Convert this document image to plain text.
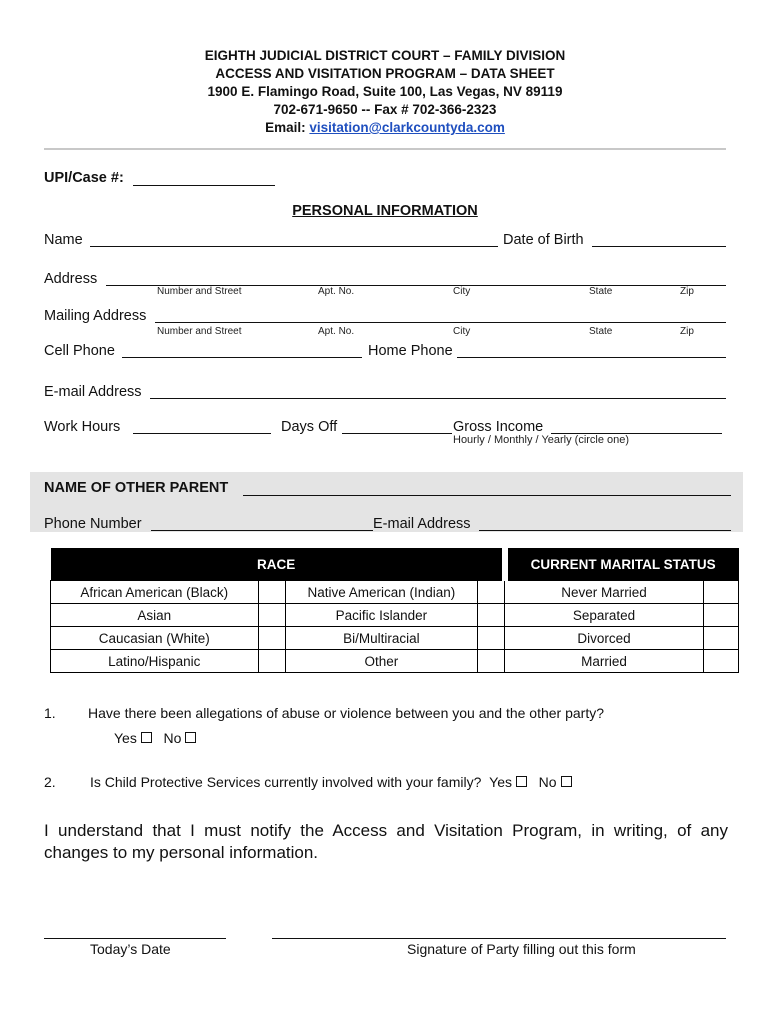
EIGHTH JUDICIAL DISTRICT COURT – FAMILY DIVISION
ACCESS AND VISITATION PROGRAM – DATA SHEET
1900 E. Flamingo Road, Suite 100, Las Vegas, NV 89119
702-671-9650 -- Fax # 702-366-2323
Email: visitation@clarkcountyda.com
UPI/Case #:
PERSONAL INFORMATION
Name	Date of Birth
Address
Number and Street	Apt. No.	City	State	Zip
Mailing Address
Number and Street	Apt. No.	City	State	Zip
Cell Phone	Home Phone
E-mail Address
Work Hours	Days Off	Gross Income
Hourly / Monthly / Yearly (circle one)
NAME OF OTHER PARENT
Phone Number	E-mail Address
RACE				CURRENT MARITAL STATUS	
African American (Black)		Native American (Indian)		Never Married	
Asian		Pacific Islander		Separated	
Caucasian (White)		Bi/Multiracial		Divorced	
Latino/Hispanic		Other		Married	
1. Have there been allegations of abuse or violence between you and the other party?
Yes No
2. Is Child Protective Services currently involved with your family? Yes No
I understand that I must notify the Access and Visitation Program, in writing, of any changes to my personal information.
Today’s Date	Signature of Party filling out this form
